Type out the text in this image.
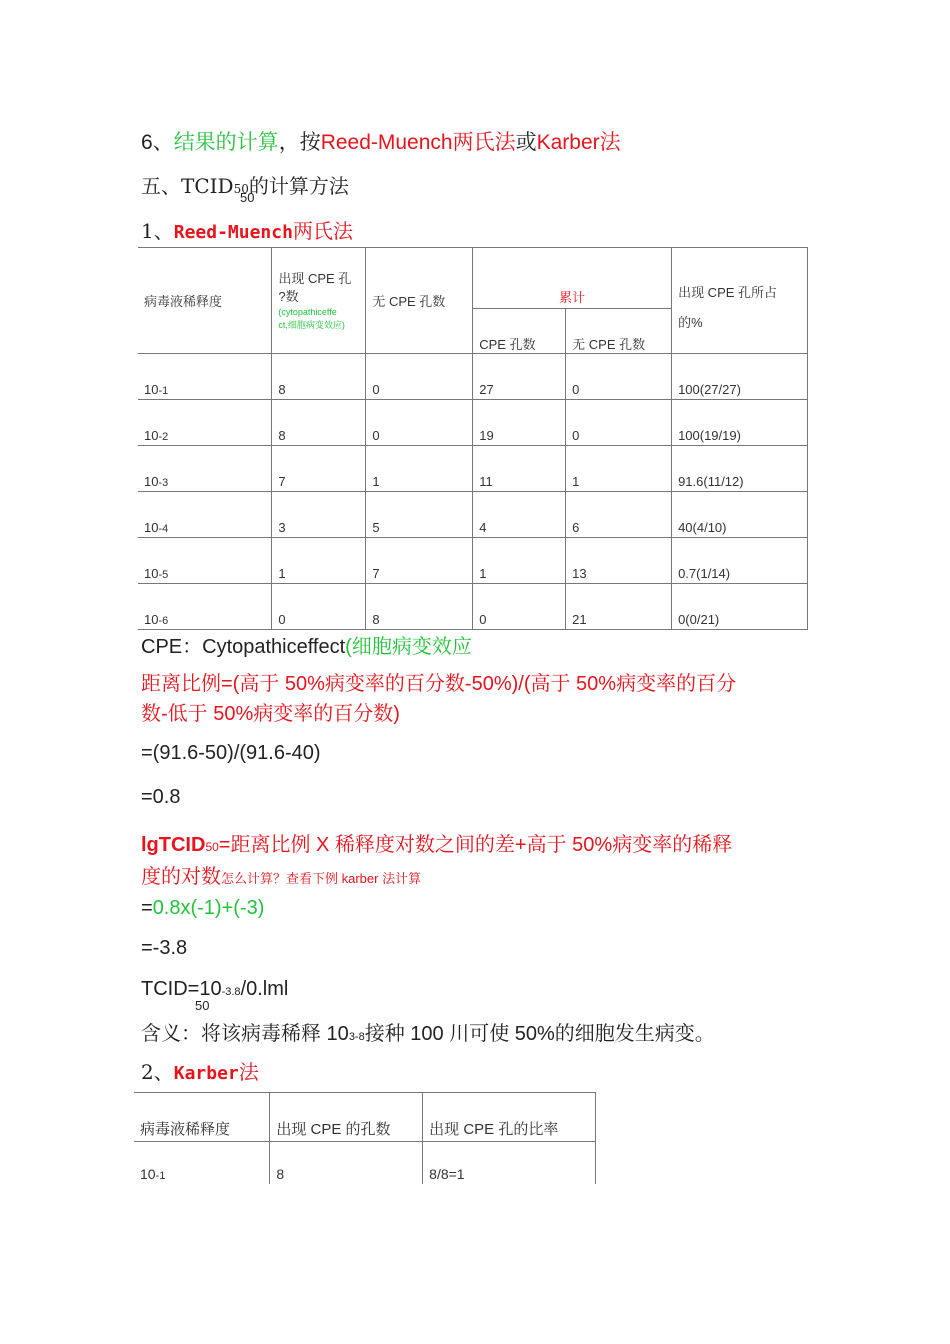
6、结果的计算，按Reed-Muench两氏法或Karber法
五、TCID50的计算方法
50
1、Reed-Muench两氏法
病毒液稀释度	出现 CPE 孔
?数
(cytopathiceffe
ct,细胞病变效应)	无 CPE 孔数	累计		出现 CPE 孔所占的%
			CPE 孔数	无 CPE 孔数	
10-1	8	0	27	0	100(27/27)
10-2	8	0	19	0	100(19/19)
10-3	7	1	11	1	91.6(11/12)
10-4	3	5	4	6	40(4/10)
10-5	1	7	1	13	0.7(1/14)
10-6	0	8	0	21	0(0/21)
CPE：Cytopathiceffect(细胞病变效应
距离比例=(高于 50%病变率的百分数-50%)/(高于 50%病变率的百分
数-低于 50%病变率的百分数)
=(91.6-50)/(91.6-40)
=0.8
lgTCID50=距离比例 X 稀释度对数之间的差+高于 50%病变率的稀释
度的对数怎么计算？查看下例 karber 法计算
=0.8x(-1)+(-3)
=-3.8
TCID=10-3.8/0.lml
50
含义：将该病毒稀释 103-8接种 100 川可使 50%的细胞发生病变。
2、Karber法
病毒液稀释度	出现 CPE 的孔数	出现 CPE 孔的比率
10-1	8	8/8=1
